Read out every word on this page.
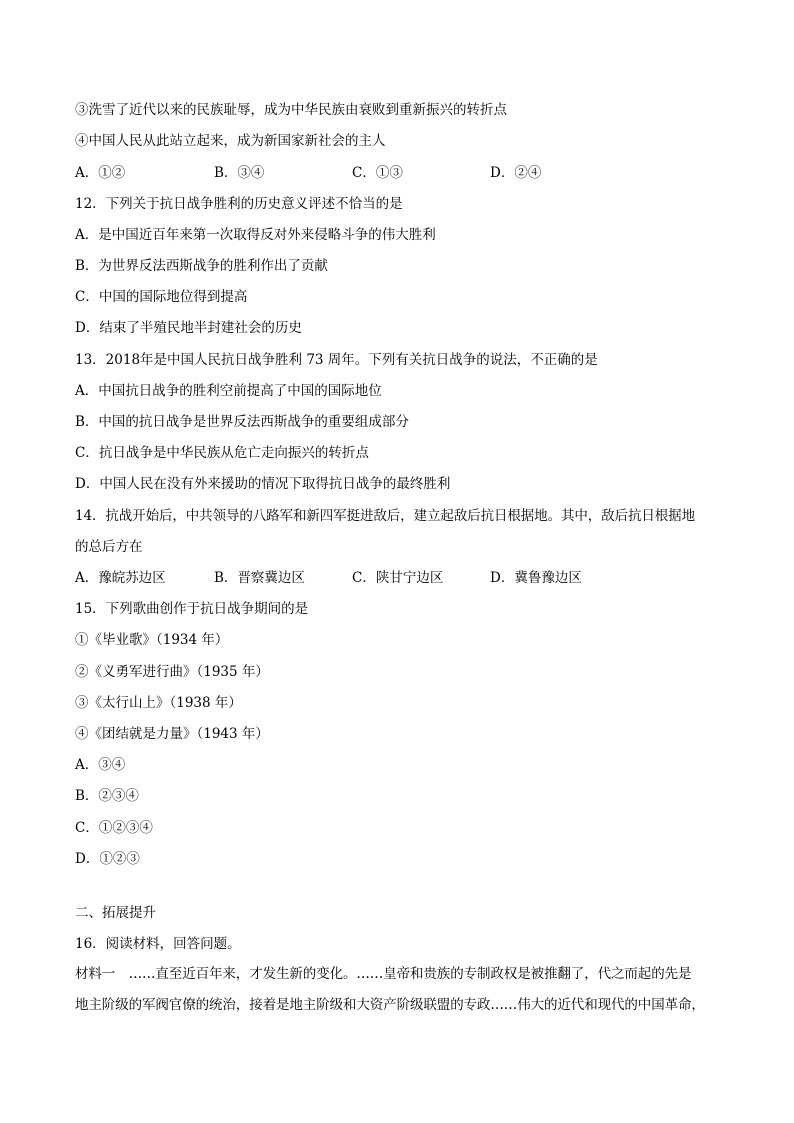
③洗雪了近代以来的民族耻辱，成为中华民族由衰败到重新振兴的转折点
④中国人民从此站立起来，成为新国家新社会的主人
A．①②	B．③④	C．①③	D．②④
12．下列关于抗日战争胜利的历史意义评述不恰当的是
A．是中国近百年来第一次取得反对外来侵略斗争的伟大胜利
B．为世界反法西斯战争的胜利作出了贡献
C．中国的国际地位得到提高
D．结束了半殖民地半封建社会的历史
13．2018年是中国人民抗日战争胜利 73 周年。下列有关抗日战争的说法，不正确的是
A．中国抗日战争的胜利空前提高了中国的国际地位
B．中国的抗日战争是世界反法西斯战争的重要组成部分
C．抗日战争是中华民族从危亡走向振兴的转折点
D．中国人民在没有外来援助的情况下取得抗日战争的最终胜利
14．抗战开始后，中共领导的八路军和新四军挺进敌后，建立起敌后抗日根据地。其中，敌后抗日根据地
的总后方在
A．豫皖苏边区	B．晋察冀边区	C．陕甘宁边区	D．冀鲁豫边区
15．下列歌曲创作于抗日战争期间的是
①《毕业歌》（1934 年）
②《义勇军进行曲》（1935 年）
③《太行山上》（1938 年）
④《团结就是力量》（1943 年）
A．③④
B．②③④
C．①②③④
D．①②③
二、拓展提升
16．阅读材料，回答问题。
材料一　……直至近百年来，才发生新的变化。……皇帝和贵族的专制政权是被推翻了，代之而起的先是
地主阶级的军阀官僚的统治，接着是地主阶级和大资产阶级联盟的专政……伟大的近代和现代的中国革命，
